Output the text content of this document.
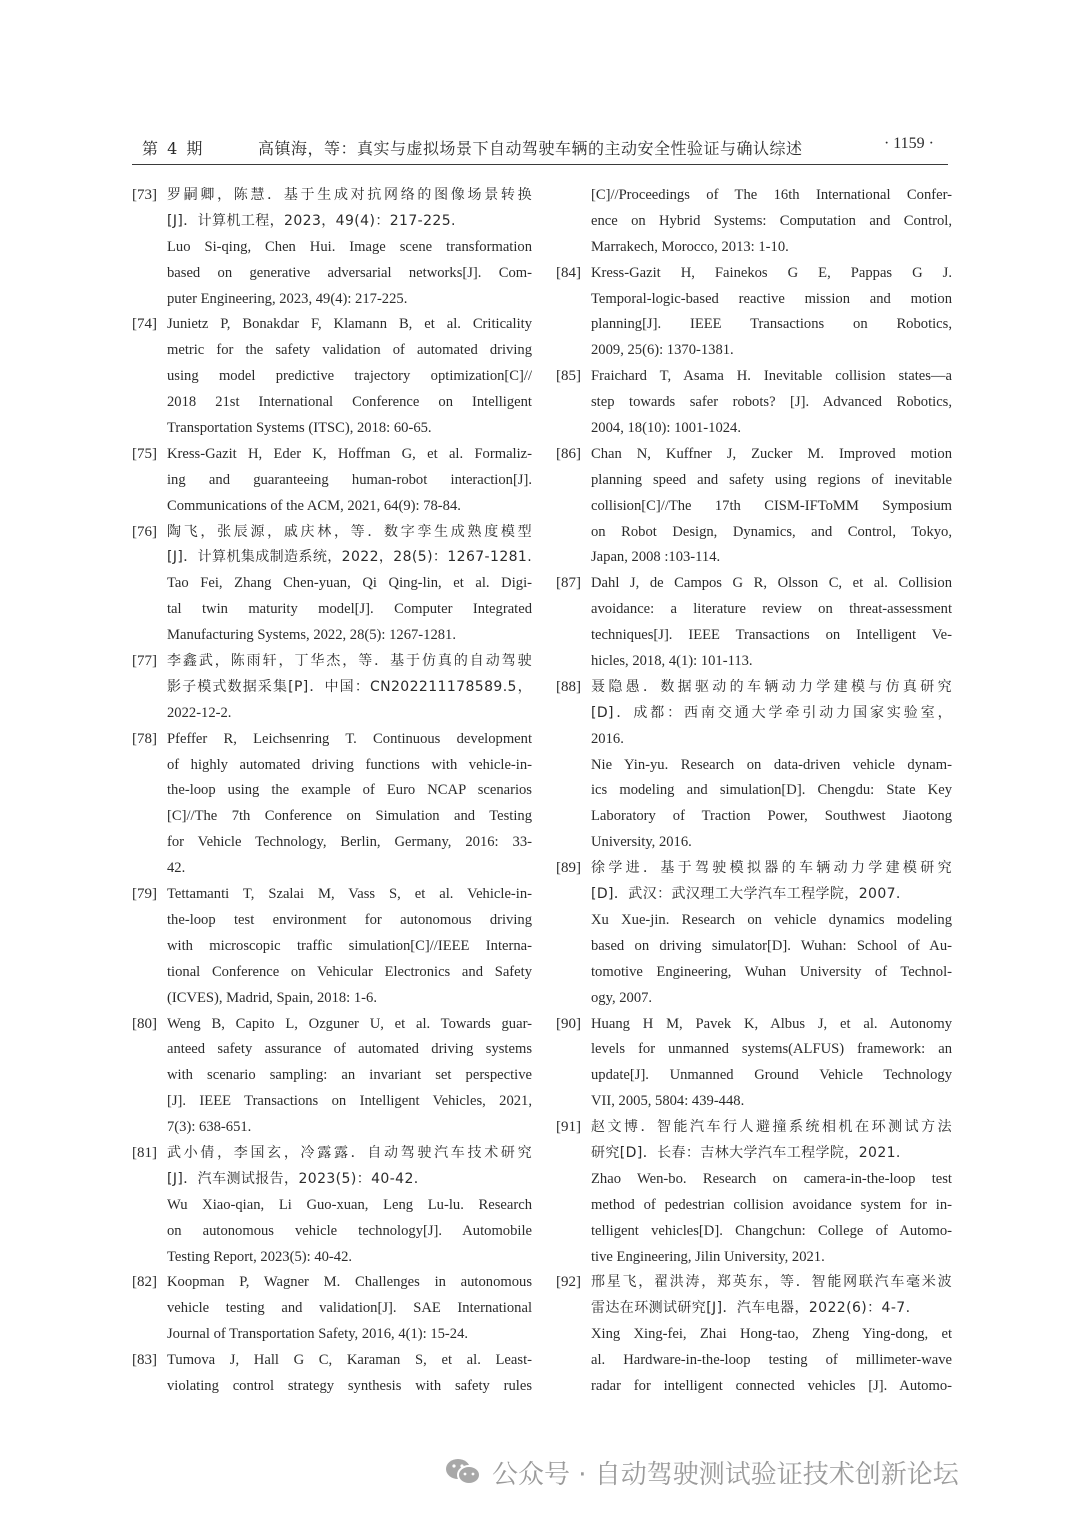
第 4 期	高镇海，等：真实与虚拟场景下自动驾驶车辆的主动安全性验证与确认综述	· 1159 ·
[73] 罗嗣卿，陈慧．基于生成对抗网络的图像场景转换
[J]．计算机工程，2023，49(4)：217-225.
Luo Si-qing, Chen Hui. Image scene transformation
based on generative adversarial networks[J]. Com-
puter Engineering, 2023, 49(4): 217-225.
[74] Junietz P, Bonakdar F, Klamann B, et al. Criticality
metric for the safety validation of automated driving
using model predictive trajectory optimization[C]//
2018 21st International Conference on Intelligent
Transportation Systems (ITSC), 2018: 60-65.
[75] Kress-Gazit H, Eder K, Hoffman G, et al. Formaliz-
ing and guaranteeing human-robot interaction[J].
Communications of the ACM, 2021, 64(9): 78-84.
[76] 陶飞，张辰源，戚庆林，等．数字孪生成熟度模型
[J]．计算机集成制造系统，2022，28(5)：1267-1281.
Tao Fei, Zhang Chen-yuan, Qi Qing-lin, et al. Digi-
tal twin maturity model[J]. Computer Integrated
Manufacturing Systems, 2022, 28(5): 1267-1281.
[77] 李鑫武，陈雨轩，丁华杰，等．基于仿真的自动驾驶
影子模式数据采集[P]．中国：CN202211178589.5，
2022-12-2.
[78] Pfeffer R, Leichsenring T. Continuous development
of highly automated driving functions with vehicle-in-
the-loop using the example of Euro NCAP scenarios
[C]//The 7th Conference on Simulation and Testing
for Vehicle Technology, Berlin, Germany, 2016: 33-
42.
[79] Tettamanti T, Szalai M, Vass S, et al. Vehicle-in-
the-loop test environment for autonomous driving
with microscopic traffic simulation[C]//IEEE Interna-
tional Conference on Vehicular Electronics and Safety
(ICVES), Madrid, Spain, 2018: 1-6.
[80] Weng B, Capito L, Ozguner U, et al. Towards guar-
anteed safety assurance of automated driving systems
with scenario sampling: an invariant set perspective
[J]. IEEE Transactions on Intelligent Vehicles, 2021,
7(3): 638-651.
[81] 武小倩，李国玄，冷露露．自动驾驶汽车技术研究
[J]．汽车测试报告，2023(5)：40-42.
Wu Xiao-qian, Li Guo-xuan, Leng Lu-lu. Research
on autonomous vehicle technology[J]. Automobile
Testing Report, 2023(5): 40-42.
[82] Koopman P, Wagner M. Challenges in autonomous
vehicle testing and validation[J]. SAE International
Journal of Transportation Safety, 2016, 4(1): 15-24.
[83] Tumova J, Hall G C, Karaman S, et al. Least-
violating control strategy synthesis with safety rules
[C]//Proceedings of The 16th International Confer-
ence on Hybrid Systems: Computation and Control,
Marrakech, Morocco, 2013: 1-10.
[84] Kress-Gazit H, Fainekos G E, Pappas G J.
Temporal-logic-based reactive mission and motion
planning[J]. IEEE Transactions on Robotics,
2009, 25(6): 1370-1381.
[85] Fraichard T, Asama H. Inevitable collision states—a
step towards safer robots? [J]. Advanced Robotics,
2004, 18(10): 1001-1024.
[86] Chan N, Kuffner J, Zucker M. Improved motion
planning speed and safety using regions of inevitable
collision[C]//The 17th CISM-IFToMM Symposium
on Robot Design, Dynamics, and Control, Tokyo,
Japan, 2008 :103-114.
[87] Dahl J, de Campos G R, Olsson C, et al. Collision
avoidance: a literature review on threat-assessment
techniques[J]. IEEE Transactions on Intelligent Ve-
hicles, 2018, 4(1): 101-113.
[88] 聂隐愚．数据驱动的车辆动力学建模与仿真研究
[D]．成都：西南交通大学牵引动力国家实验室，
2016.
Nie Yin-yu. Research on data-driven vehicle dynam-
ics modeling and simulation[D]. Chengdu: State Key
Laboratory of Traction Power, Southwest Jiaotong
University, 2016.
[89] 徐学进．基于驾驶模拟器的车辆动力学建模研究
[D]．武汉：武汉理工大学汽车工程学院，2007.
Xu Xue-jin. Research on vehicle dynamics modeling
based on driving simulator[D]. Wuhan: School of Au-
tomotive Engineering, Wuhan University of Technol-
ogy, 2007.
[90] Huang H M, Pavek K, Albus J, et al. Autonomy
levels for unmanned systems(ALFUS) framework: an
update[J]. Unmanned Ground Vehicle Technology
VII, 2005, 5804: 439-448.
[91] 赵文博．智能汽车行人避撞系统相机在环测试方法
研究[D]．长春：吉林大学汽车工程学院，2021.
Zhao Wen-bo. Research on camera-in-the-loop test
method of pedestrian collision avoidance system for in-
telligent vehicles[D]. Changchun: College of Automo-
tive Engineering, Jilin University, 2021.
[92] 邢星飞，翟洪涛，郑英东，等．智能网联汽车毫米波
雷达在环测试研究[J]．汽车电器，2022(6)：4-7.
Xing Xing-fei, Zhai Hong-tao, Zheng Ying-dong, et
al. Hardware-in-the-loop testing of millimeter-wave
radar for intelligent connected vehicles [J]. Automo-
公众号 · 自动驾驶测试验证技术创新论坛
